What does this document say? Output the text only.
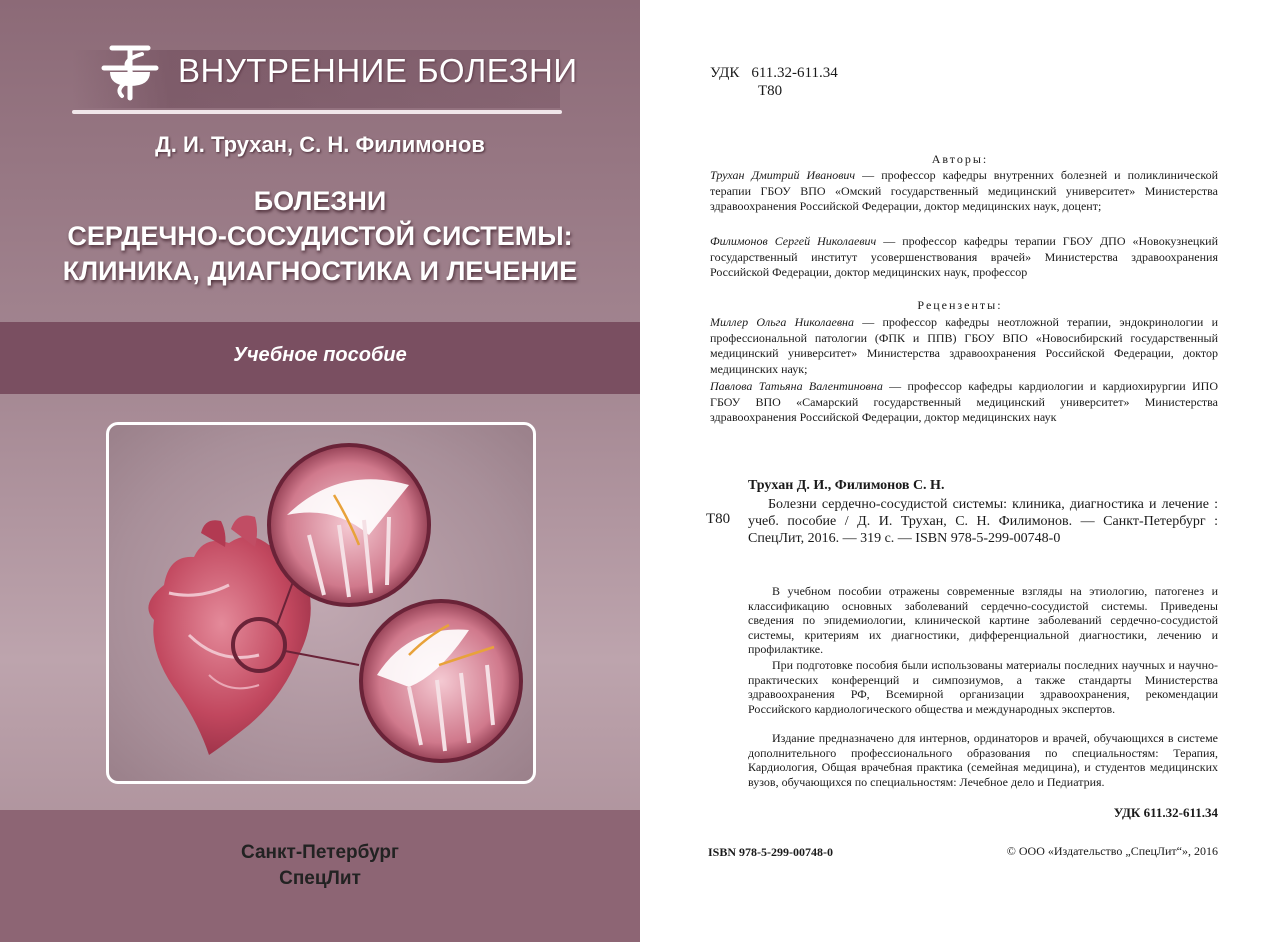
ВНУТРЕННИЕ БОЛЕЗНИ
Д. И. Трухан, С. Н. Филимонов
БОЛЕЗНИ
СЕРДЕЧНО-СОСУДИСТОЙ СИСТЕМЫ:
КЛИНИКА, ДИАГНОСТИКА И ЛЕЧЕНИЕ
Учебное пособие
Санкт-Петербург
СпецЛит
УДК 611.32-611.34
Т80
Авторы:
Трухан Дмитрий Иванович — профессор кафедры внутренних болезней и поликлинической терапии ГБОУ ВПО «Омский государственный медицинский университет» Министерства здравоохранения Российской Федерации, доктор медицинских наук, доцент;
Филимонов Сергей Николаевич — профессор кафедры терапии ГБОУ ДПО «Новокузнецкий государственный институт усовершенствования врачей» Министерства здравоохранения Российской Федерации, доктор медицинских наук, профессор
Рецензенты:
Миллер Ольга Николаевна — профессор кафедры неотложной терапии, эндокринологии и профессиональной патологии (ФПК и ППВ) ГБОУ ВПО «Новосибирский государственный медицинский университет» Министерства здравоохранения Российской Федерации, доктор медицинских наук;
Павлова Татьяна Валентиновна — профессор кафедры кардиологии и кардиохирургии ИПО ГБОУ ВПО «Самарский государственный медицинский университет» Министерства здравоохранения Российской Федерации, доктор медицинских наук
Т80
Трухан Д. И., Филимонов С. Н.
Болезни сердечно-сосудистой системы: клиника, диагностика и лечение : учеб. пособие / Д. И. Трухан, С. Н. Филимонов. — Санкт-Петербург : СпецЛит, 2016. — 319 с. — ISBN 978-5-299-00748-0
В учебном пособии отражены современные взгляды на этиологию, патогенез и классификацию основных заболеваний сердечно-сосудистой системы. Приведены сведения по эпидемиологии, клинической картине заболеваний сердечно-сосудистой системы, критериям их диагностики, дифференциальной диагностики, лечению и профилактике.
При подготовке пособия были использованы материалы последних научных и научно-практических конференций и симпозиумов, а также стандарты Министерства здравоохранения РФ, Всемирной организации здравоохранения, рекомендации Российского кардиологического общества и международных экспертов.
Издание предназначено для интернов, ординаторов и врачей, обучающихся в системе дополнительного профессионального образования по специальностям: Терапия, Кардиология, Общая врачебная практика (семейная медицина), и студентов медицинских вузов, обучающихся по специальностям: Лечебное дело и Педиатрия.
УДК 611.32-611.34
ISBN 978-5-299-00748-0	© ООО «Издательство „СпецЛит“», 2016
